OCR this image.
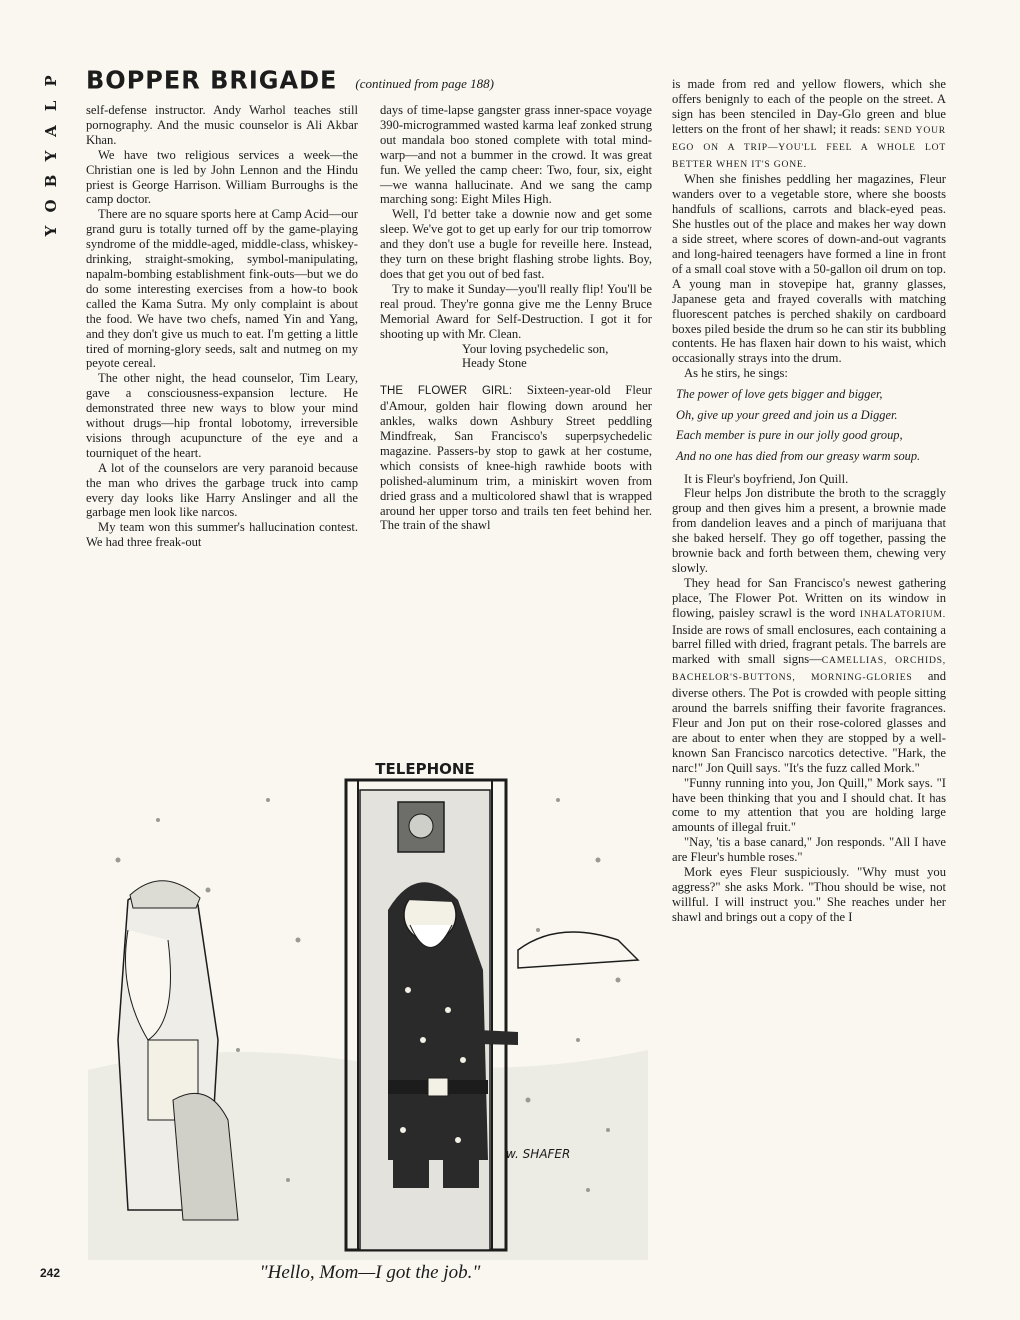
P
L
A
Y
B
O
Y
BOPPER BRIGADE (continued from page 188)

self-defense instructor. Andy Warhol teaches still pornography. And the music counselor is Ali Akbar Khan.

We have two religious services a week—the Christian one is led by John Lennon and the Hindu priest is George Harrison. William Burroughs is the camp doctor.

There are no square sports here at Camp Acid—our grand guru is totally turned off by the game-playing syndrome of the middle-aged, middle-class, whiskey-drinking, straight-smoking, symbol-manipulating, napalm-bombing establishment fink-outs—but we do do some interesting exercises from a how-to book called the Kama Sutra. My only complaint is about the food. We have two chefs, named Yin and Yang, and they don't give us much to eat. I'm getting a little tired of morning-glory seeds, salt and nutmeg on my peyote cereal.

The other night, the head counselor, Tim Leary, gave a consciousness-expansion lecture. He demonstrated three new ways to blow your mind without drugs—hip frontal lobotomy, irreversible visions through acupuncture of the eye and a tourniquet of the heart.

A lot of the counselors are very paranoid because the man who drives the garbage truck into camp every day looks like Harry Anslinger and all the garbage men look like narcos.

My team won this summer's hallucination contest. We had three freak-out

days of time-lapse gangster grass inner-space voyage 390-microgrammed wasted karma leaf zonked strung out mandala boo stoned complete with total mind-warp—and not a bummer in the crowd. It was great fun. We yelled the camp cheer: Two, four, six, eight—we wanna hallucinate. And we sang the camp marching song: Eight Miles High.

Well, I'd better take a downie now and get some sleep. We've got to get up early for our trip tomorrow and they don't use a bugle for reveille here. Instead, they turn on these bright flashing strobe lights. Boy, does that get you out of bed fast.

Try to make it Sunday—you'll really flip! You'll be real proud. They're gonna give me the Lenny Bruce Memorial Award for Self-Destruction. I got it for shooting up with Mr. Clean.

Your loving psychedelic son,

Heady Stone

THE FLOWER GIRL: Sixteen-year-old Fleur d'Amour, golden hair flowing down around her ankles, walks down Ashbury Street peddling Mindfreak, San Francisco's superpsychedelic magazine. Passers-by stop to gawk at her costume, which consists of knee-high rawhide boots with polished-aluminum trim, a miniskirt woven from dried grass and a multicolored shawl that is wrapped around her upper torso and trails ten feet behind her. The train of the shawl

is made from red and yellow flowers, which she offers benignly to each of the people on the street. A sign has been stenciled in Day-Glo green and blue letters on the front of her shawl; it reads: SEND YOUR EGO ON A TRIP—YOU'LL FEEL A WHOLE LOT BETTER WHEN IT'S GONE.

When she finishes peddling her magazines, Fleur wanders over to a vegetable store, where she boosts handfuls of scallions, carrots and black-eyed peas. She hustles out of the place and makes her way down a side street, where scores of down-and-out vagrants and long-haired teenagers have formed a line in front of a small coal stove with a 50-gallon oil drum on top. A young man in stovepipe hat, granny glasses, Japanese geta and frayed coveralls with matching fluorescent patches is perched shakily on cardboard boxes piled beside the drum so he can stir its bubbling contents. He has flaxen hair down to his waist, which occasionally strays into the drum.

As he stirs, he sings:

The power of love gets bigger and bigger,
Oh, give up your greed and join us a Digger.
Each member is pure in our jolly good group,
And no one has died from our greasy warm soup.

It is Fleur's boyfriend, Jon Quill.

Fleur helps Jon distribute the broth to the scraggly group and then gives him a present, a brownie made from dandelion leaves and a pinch of marijuana that she baked herself. They go off together, passing the brownie back and forth between them, chewing very slowly.

They head for San Francisco's newest gathering place, The Flower Pot. Written on its window in flowing, paisley scrawl is the word INHALATORIUM. Inside are rows of small enclosures, each containing a barrel filled with dried, fragrant petals. The barrels are marked with small signs—CAMELLIAS, ORCHIDS, BACHELOR'S-BUTTONS, MORNING-GLORIES and diverse others. The Pot is crowded with people sitting around the barrels sniffing their favorite fragrances. Fleur and Jon put on their rose-colored glasses and are about to enter when they are stopped by a well-known San Francisco narcotics detective. "Hark, the narc!" Jon Quill says. "It's the fuzz called Mork."

"Funny running into you, Jon Quill," Mork says. "I have been thinking that you and I should chat. It has come to my attention that you are holding large amounts of illegal fruit."

"Nay, 'tis a base canard," Jon responds. "All I have are Fleur's humble roses."

Mork eyes Fleur suspiciously. "Why must you aggress?" she asks Mork. "Thou should be wise, not willful. I will instruct you." She reaches under her shawl and brings out a copy of the I

TELEPHONE
w. SHAFER
"Hello, Mom—I got the job."
242
